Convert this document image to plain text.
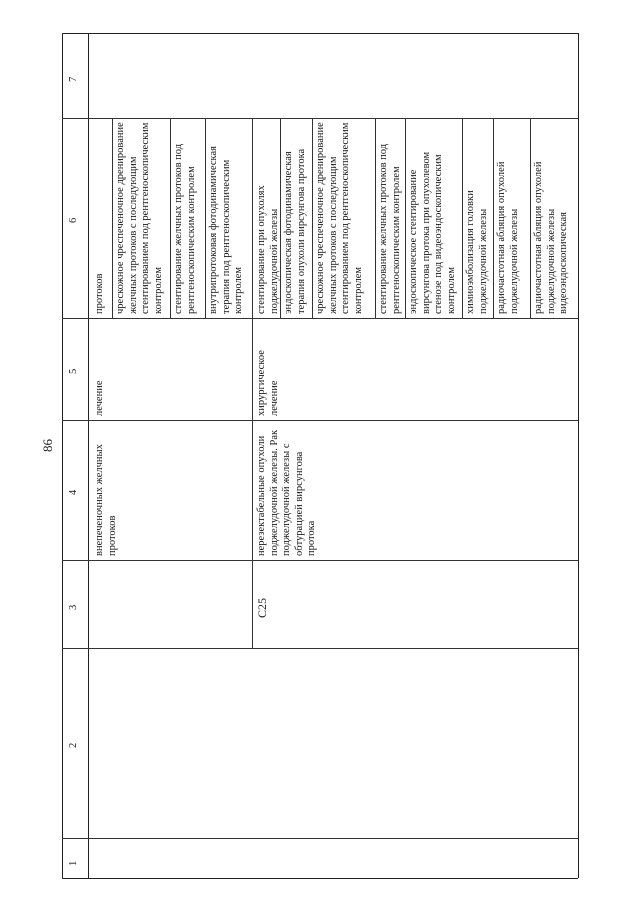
86
1
2
3
4
5
6
7
внепеченочных желчных протоков
лечение
протоков чрескожное чреспеченочное дренирование желчных протоков с последующим стентированием под рентгеноскопическим контролем стентирование желчных протоков под рентгеноскопическим контролем внутрипротоковая фотодинамическая терапия под рентгеноскопическим контролем
C25
нерезектабельные опухоли поджелудочной железы. Рак поджелудочной железы с обтурацией вирсунгова протока
хирургическое лечение
стентирование при опухолях поджелудочной железы эндоскопическая фотодинамическая терапия опухоли вирсунгова протока чрескожное чреспеченочное дренирование желчных протоков с последующим стентированием под рентгеноскопическим контролем стентирование желчных протоков под рентгеноскопическим контролем эндоскопическое стентирование вирсунгова протока при опухолевом стенозе под видеоэндоскопическим контролем химиоэмболизация головки поджелудочной железы радиочастотная абляция опухолей поджелудочной железы радиочастотная абляция опухолей поджелудочной железы видеоэндоскопическая
